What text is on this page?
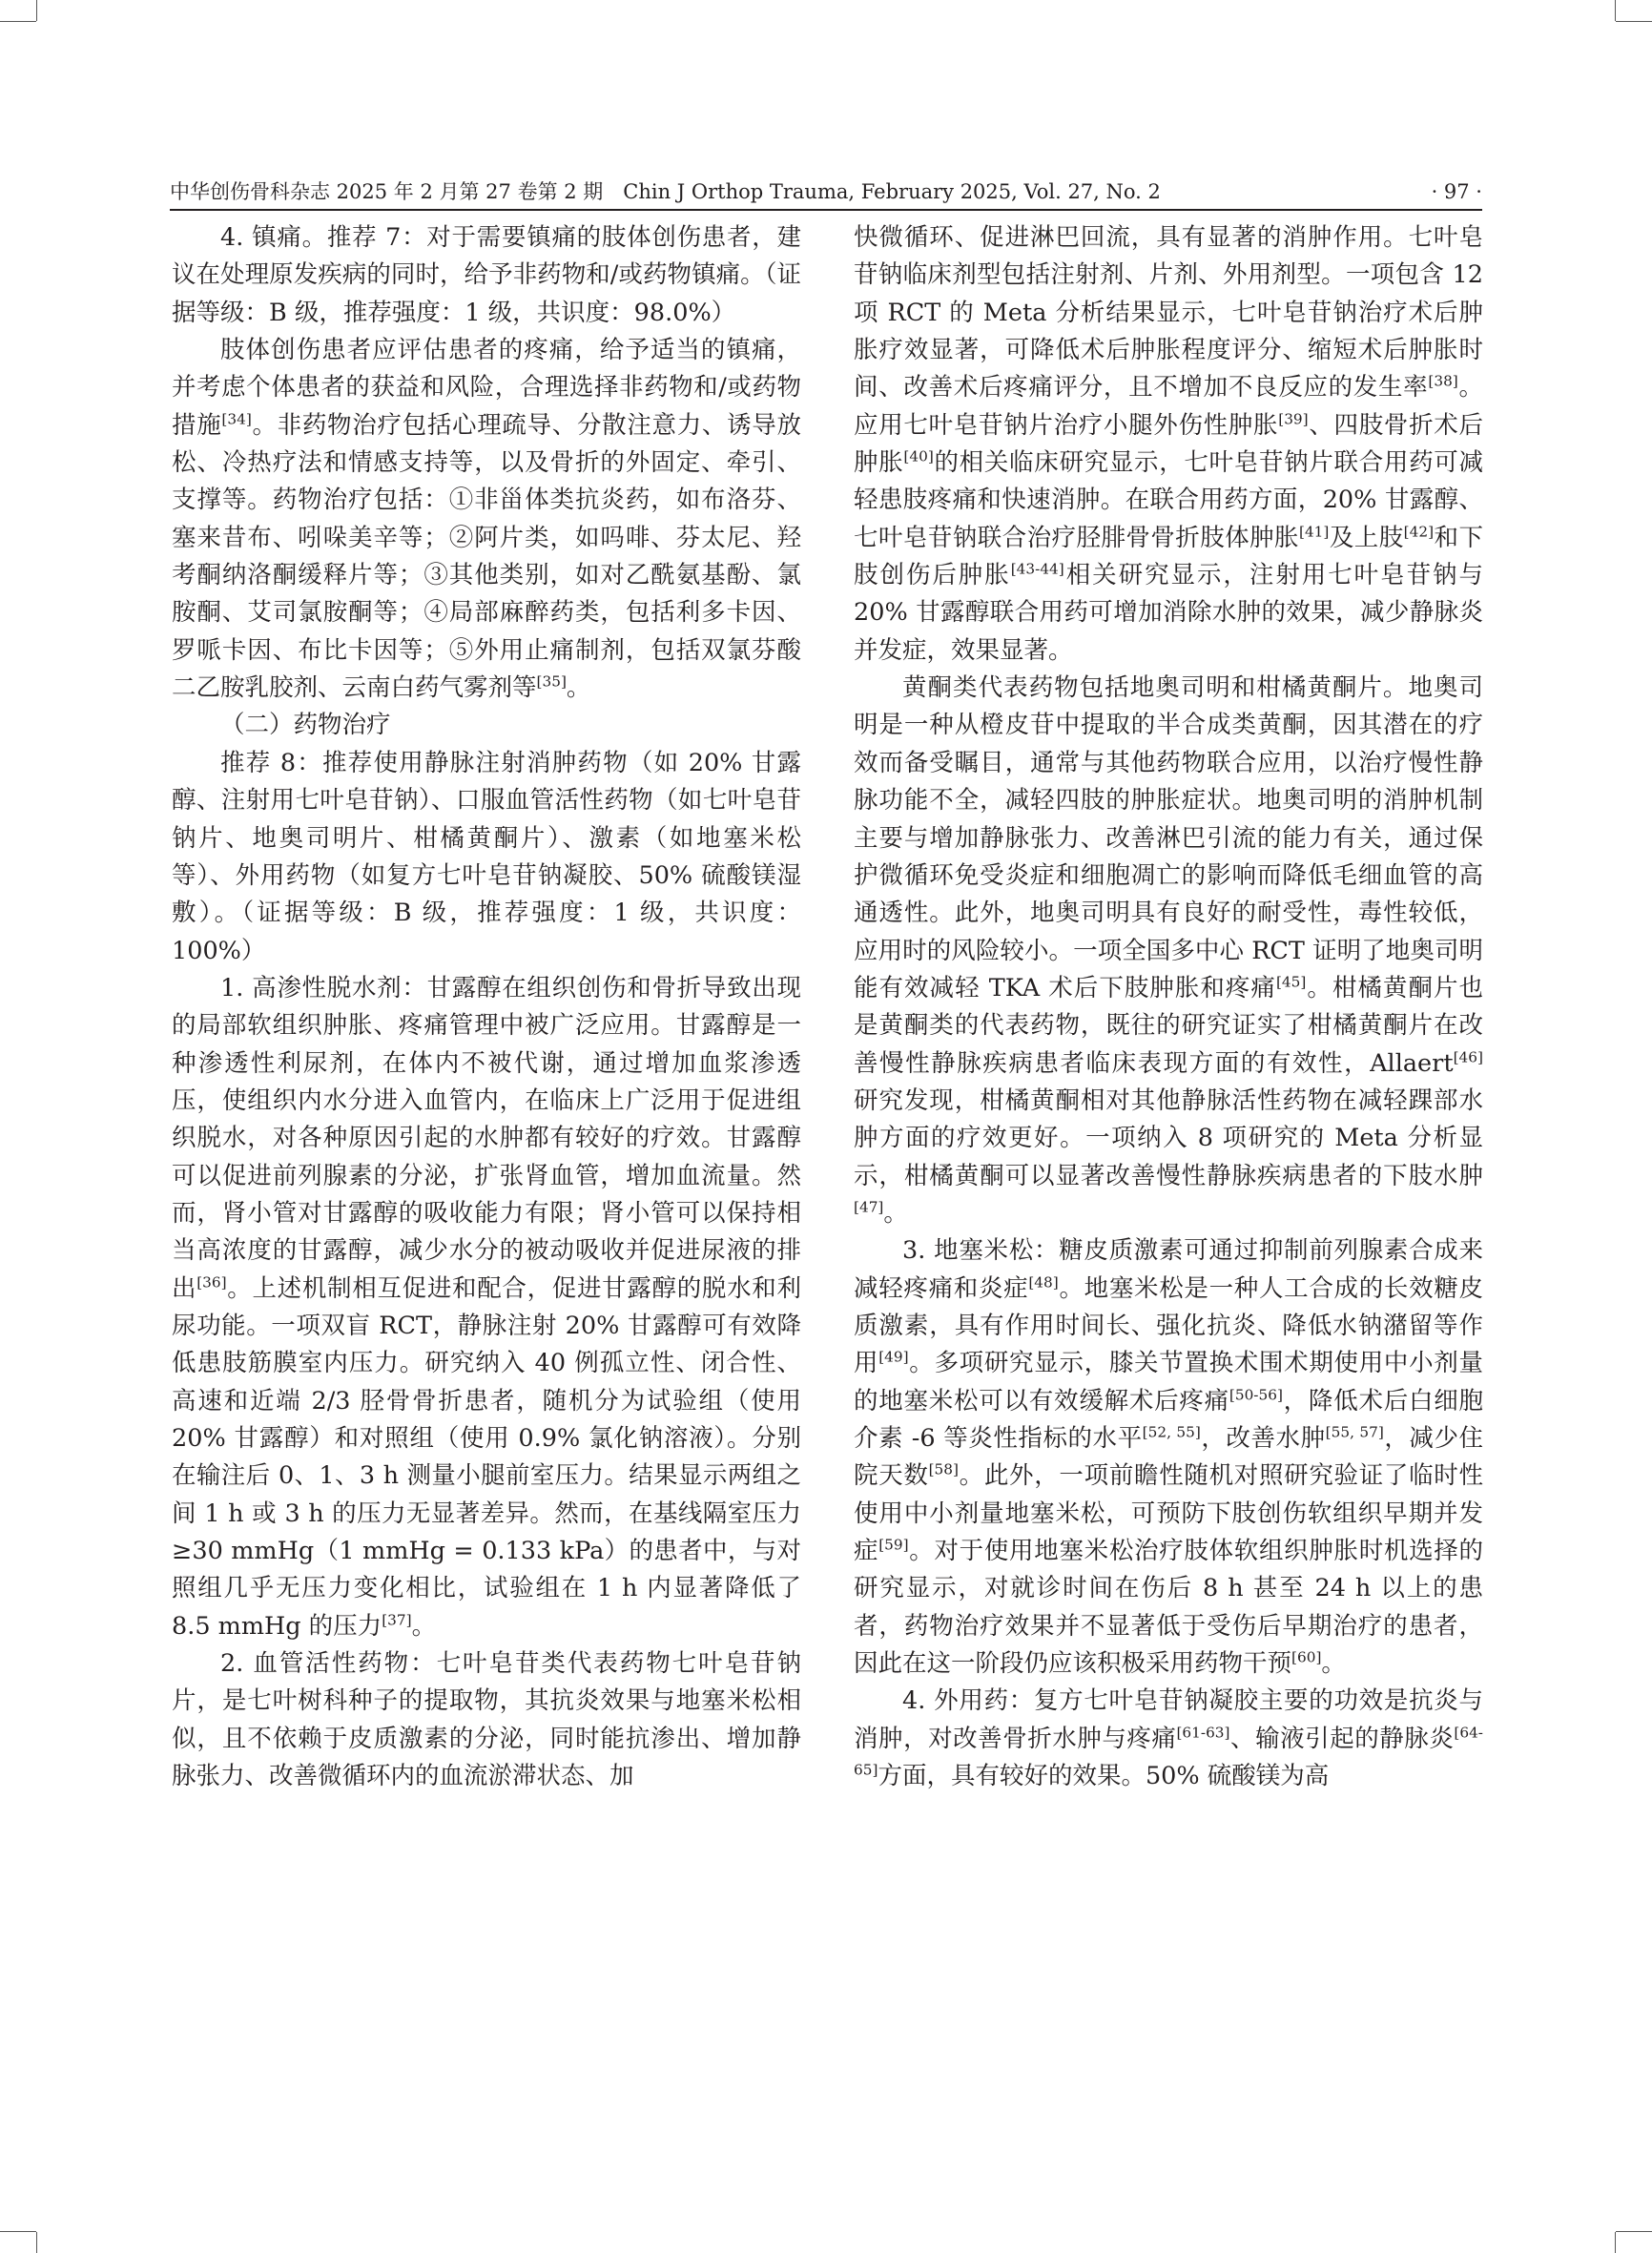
中华创伤骨科杂志 2025 年 2 月第 27 卷第 2 期　Chin J Orthop Trauma, February 2025, Vol. 27, No. 2	· 97 ·

4. 镇痛。推荐 7：对于需要镇痛的肢体创伤患者，建议在处理原发疾病的同时，给予非药物和/或药物镇痛。（证据等级：B 级，推荐强度：1 级，共识度：98.0%）

肢体创伤患者应评估患者的疼痛，给予适当的镇痛，并考虑个体患者的获益和风险，合理选择非药物和/或药物措施[34]。非药物治疗包括心理疏导、分散注意力、诱导放松、冷热疗法和情感支持等，以及骨折的外固定、牵引、支撑等。药物治疗包括：①非甾体类抗炎药，如布洛芬、塞来昔布、吲哚美辛等；②阿片类，如吗啡、芬太尼、羟考酮纳洛酮缓释片等；③其他类别，如对乙酰氨基酚、氯胺酮、艾司氯胺酮等；④局部麻醉药类，包括利多卡因、罗哌卡因、布比卡因等；⑤外用止痛制剂，包括双氯芬酸二乙胺乳胶剂、云南白药气雾剂等[35]。

（二）药物治疗

推荐 8：推荐使用静脉注射消肿药物（如 20% 甘露醇、注射用七叶皂苷钠）、口服血管活性药物（如七叶皂苷钠片、地奥司明片、柑橘黄酮片）、激素（如地塞米松等）、外用药物（如复方七叶皂苷钠凝胶、50% 硫酸镁湿敷）。（证据等级：B 级，推荐强度：1 级，共识度：100%）

1. 高渗性脱水剂：甘露醇在组织创伤和骨折导致出现的局部软组织肿胀、疼痛管理中被广泛应用。甘露醇是一种渗透性利尿剂，在体内不被代谢，通过增加血浆渗透压，使组织内水分进入血管内，在临床上广泛用于促进组织脱水，对各种原因引起的水肿都有较好的疗效。甘露醇可以促进前列腺素的分泌，扩张肾血管，增加血流量。然而，肾小管对甘露醇的吸收能力有限；肾小管可以保持相当高浓度的甘露醇，减少水分的被动吸收并促进尿液的排出[36]。上述机制相互促进和配合，促进甘露醇的脱水和利尿功能。一项双盲 RCT，静脉注射 20% 甘露醇可有效降低患肢筋膜室内压力。研究纳入 40 例孤立性、闭合性、高速和近端 2/3 胫骨骨折患者，随机分为试验组（使用 20% 甘露醇）和对照组（使用 0.9% 氯化钠溶液）。分别在输注后 0、1、3 h 测量小腿前室压力。结果显示两组之间 1 h 或 3 h 的压力无显著差异。然而，在基线隔室压力 ≥30 mmHg（1 mmHg = 0.133 kPa）的患者中，与对照组几乎无压力变化相比，试验组在 1 h 内显著降低了 8.5 mmHg 的压力[37]。

2. 血管活性药物：七叶皂苷类代表药物七叶皂苷钠片，是七叶树科种子的提取物，其抗炎效果与地塞米松相似，且不依赖于皮质激素的分泌，同时能抗渗出、增加静脉张力、改善微循环内的血流淤滞状态、加

快微循环、促进淋巴回流，具有显著的消肿作用。七叶皂苷钠临床剂型包括注射剂、片剂、外用剂型。一项包含 12 项 RCT 的 Meta 分析结果显示，七叶皂苷钠治疗术后肿胀疗效显著，可降低术后肿胀程度评分、缩短术后肿胀时间、改善术后疼痛评分，且不增加不良反应的发生率[38]。应用七叶皂苷钠片治疗小腿外伤性肿胀[39]、四肢骨折术后肿胀[40]的相关临床研究显示，七叶皂苷钠片联合用药可减轻患肢疼痛和快速消肿。在联合用药方面，20% 甘露醇、七叶皂苷钠联合治疗胫腓骨骨折肢体肿胀[41]及上肢[42]和下肢创伤后肿胀[43-44]相关研究显示，注射用七叶皂苷钠与 20% 甘露醇联合用药可增加消除水肿的效果，减少静脉炎并发症，效果显著。

黄酮类代表药物包括地奥司明和柑橘黄酮片。地奥司明是一种从橙皮苷中提取的半合成类黄酮，因其潜在的疗效而备受瞩目，通常与其他药物联合应用，以治疗慢性静脉功能不全，减轻四肢的肿胀症状。地奥司明的消肿机制主要与增加静脉张力、改善淋巴引流的能力有关，通过保护微循环免受炎症和细胞凋亡的影响而降低毛细血管的高通透性。此外，地奥司明具有良好的耐受性，毒性较低，应用时的风险较小。一项全国多中心 RCT 证明了地奥司明能有效减轻 TKA 术后下肢肿胀和疼痛[45]。柑橘黄酮片也是黄酮类的代表药物，既往的研究证实了柑橘黄酮片在改善慢性静脉疾病患者临床表现方面的有效性，Allaert[46] 研究发现，柑橘黄酮相对其他静脉活性药物在减轻踝部水肿方面的疗效更好。一项纳入 8 项研究的 Meta 分析显示，柑橘黄酮可以显著改善慢性静脉疾病患者的下肢水肿[47]。

3. 地塞米松：糖皮质激素可通过抑制前列腺素合成来减轻疼痛和炎症[48]。地塞米松是一种人工合成的长效糖皮质激素，具有作用时间长、强化抗炎、降低水钠潴留等作用[49]。多项研究显示，膝关节置换术围术期使用中小剂量的地塞米松可以有效缓解术后疼痛[50-56]，降低术后白细胞介素 -6 等炎性指标的水平[52, 55]，改善水肿[55, 57]，减少住院天数[58]。此外，一项前瞻性随机对照研究验证了临时性使用中小剂量地塞米松，可预防下肢创伤软组织早期并发症[59]。对于使用地塞米松治疗肢体软组织肿胀时机选择的研究显示，对就诊时间在伤后 8 h 甚至 24 h 以上的患者，药物治疗效果并不显著低于受伤后早期治疗的患者，因此在这一阶段仍应该积极采用药物干预[60]。

4. 外用药：复方七叶皂苷钠凝胶主要的功效是抗炎与消肿，对改善骨折水肿与疼痛[61-63]、输液引起的静脉炎[64-65]方面，具有较好的效果。50% 硫酸镁为高
